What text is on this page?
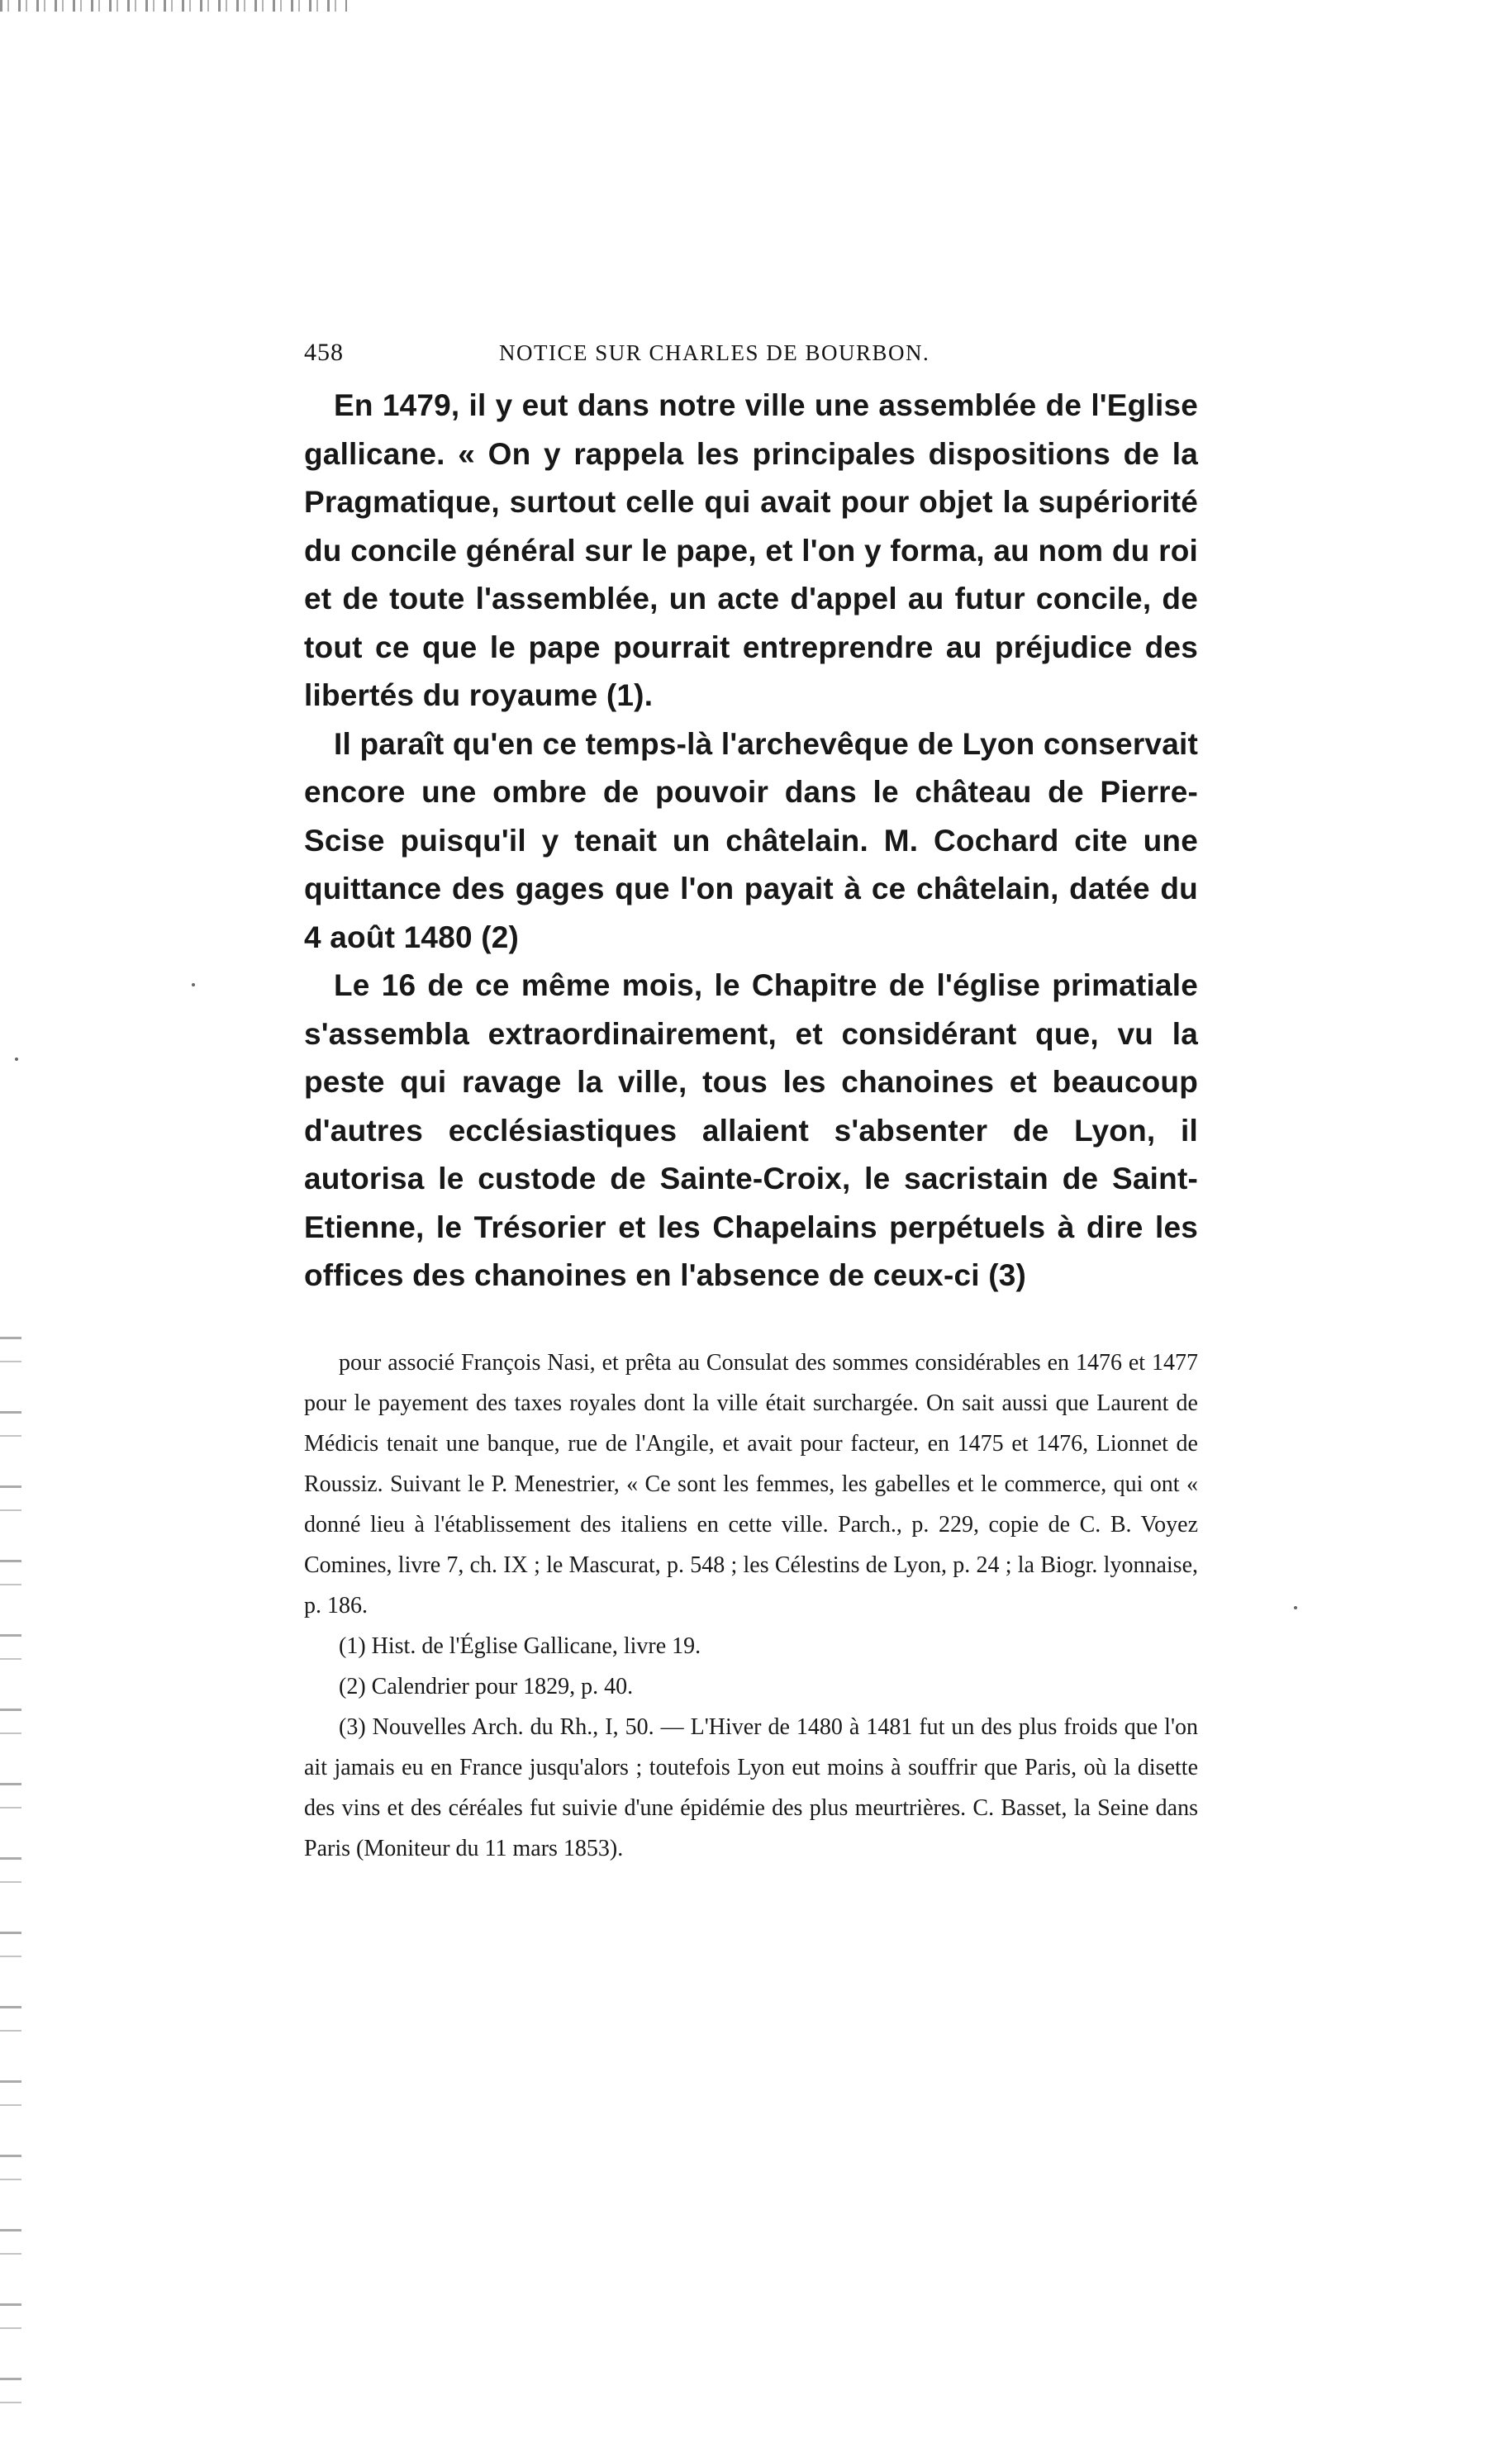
458	NOTICE SUR CHARLES DE BOURBON.

En 1479, il y eut dans notre ville une assemblée de l'Eglise gallicane. « On y rappela les principales dispositions de la Pragmatique, surtout celle qui avait pour objet la supériorité du concile général sur le pape, et l'on y forma, au nom du roi et de toute l'assemblée, un acte d'appel au futur concile, de tout ce que le pape pourrait entreprendre au préjudice des libertés du royaume (1).

Il paraît qu'en ce temps-là l'archevêque de Lyon conservait encore une ombre de pouvoir dans le château de Pierre-Scise puisqu'il y tenait un châtelain. M. Cochard cite une quittance des gages que l'on payait à ce châtelain, datée du 4 août 1480 (2)

Le 16 de ce même mois, le Chapitre de l'église primatiale s'assembla extraordinairement, et considérant que, vu la peste qui ravage la ville, tous les chanoines et beaucoup d'autres ecclésiastiques allaient s'absenter de Lyon, il autorisa le custode de Sainte-Croix, le sacristain de Saint-Etienne, le Trésorier et les Chapelains perpétuels à dire les offices des chanoines en l'absence de ceux-ci (3)

pour associé François Nasi, et prêta au Consulat des sommes considérables en 1476 et 1477 pour le payement des taxes royales dont la ville était surchargée. On sait aussi que Laurent de Médicis tenait une banque, rue de l'Angile, et avait pour facteur, en 1475 et 1476, Lionnet de Roussiz. Suivant le P. Menestrier, « Ce sont les femmes, les gabelles et le commerce, qui ont « donné lieu à l'établissement des italiens en cette ville. Parch., p. 229, copie de C. B. Voyez Comines, livre 7, ch. IX ; le Mascurat, p. 548 ; les Célestins de Lyon, p. 24 ; la Biogr. lyonnaise, p. 186.

(1) Hist. de l'Église Gallicane, livre 19.

(2) Calendrier pour 1829, p. 40.

(3) Nouvelles Arch. du Rh., I, 50. — L'Hiver de 1480 à 1481 fut un des plus froids que l'on ait jamais eu en France jusqu'alors ; toutefois Lyon eut moins à souffrir que Paris, où la disette des vins et des céréales fut suivie d'une épidémie des plus meurtrières. C. Basset, la Seine dans Paris (Moniteur du 11 mars 1853).
